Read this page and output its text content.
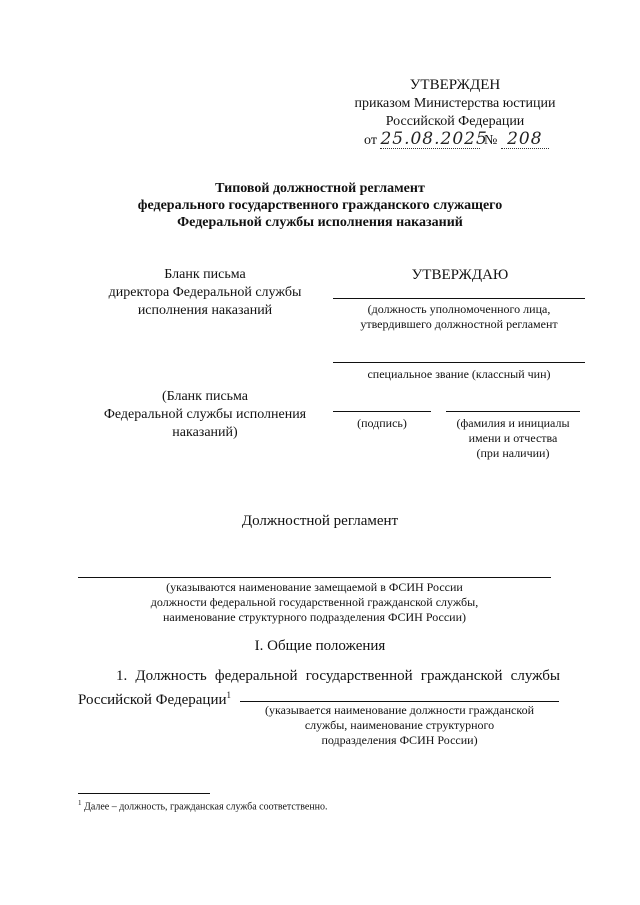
УТВЕРЖДЕН
приказом Министерства юстиции
Российской Федерации
от 25.08.2025 № 208
Типовой должностной регламент
федерального государственного гражданского служащего
Федеральной службы исполнения наказаний
Бланк письма
директора Федеральной службы
исполнения наказаний
(Бланк письма
Федеральной службы исполнения
наказаний)
УТВЕРЖДАЮ
(должность уполномоченного лица,
утвердившего должностной регламент
специальное звание (классный чин)
(подпись)	(фамилия и инициалы
имени и отчества
(при наличии)
Должностной регламент
(указываются наименование замещаемой в ФСИН России
должности федеральной государственной гражданской службы,
наименование структурного подразделения ФСИН России)
I. Общие положения
1. Должность федеральной государственной гражданской службы
Российской Федерации$^1$
(указывается наименование должности гражданской
службы, наименование структурного
подразделения ФСИН России)
$^1$ Далее – должность, гражданская служба соответственно.
